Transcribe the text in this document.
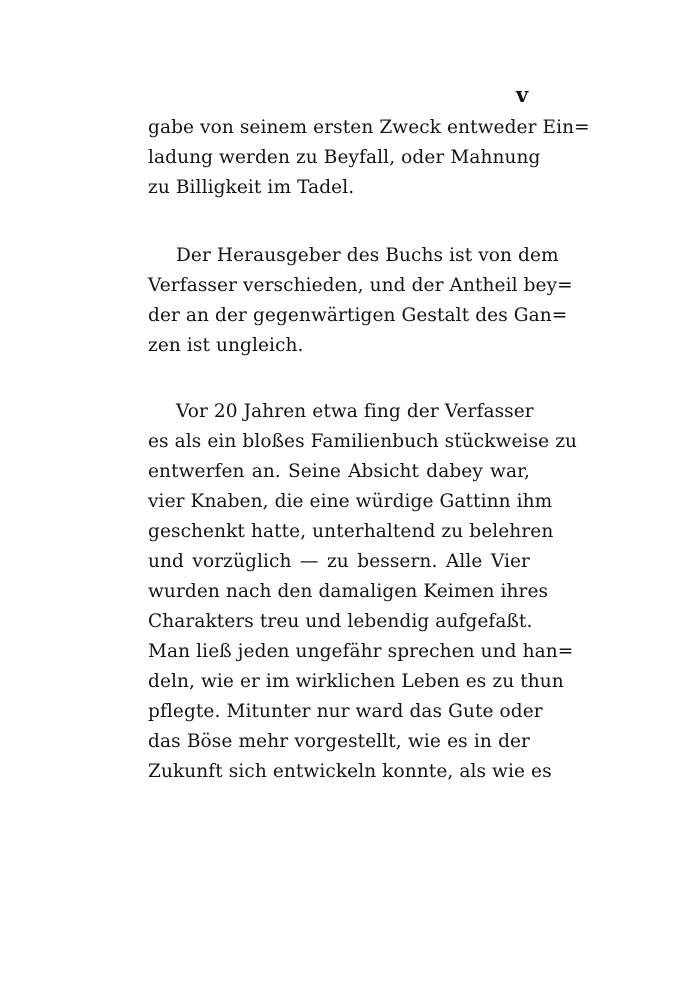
v
gabe von seinem ersten Zweck entweder Ein=
ladung werden zu Beyfall, oder Mahnung
zu Billigkeit im Tadel.
Der Herausgeber des Buchs ist von dem
Verfasser verschieden, und der Antheil bey=
der an der gegenwärtigen Gestalt des Gan=
zen ist ungleich.
Vor 20 Jahren etwa fing der Verfasser
es als ein bloßes Familienbuch stückweise zu
entwerfen an. Seine Absicht dabey war,
vier Knaben, die eine würdige Gattinn ihm
geschenkt hatte, unterhaltend zu belehren
und vorzüglich — zu bessern. Alle Vier
wurden nach den damaligen Keimen ihres
Charakters treu und lebendig aufgefaßt.
Man ließ jeden ungefähr sprechen und han=
deln, wie er im wirklichen Leben es zu thun
pflegte. Mitunter nur ward das Gute oder
das Böse mehr vorgestellt, wie es in der
Zukunft sich entwickeln konnte, als wie es
